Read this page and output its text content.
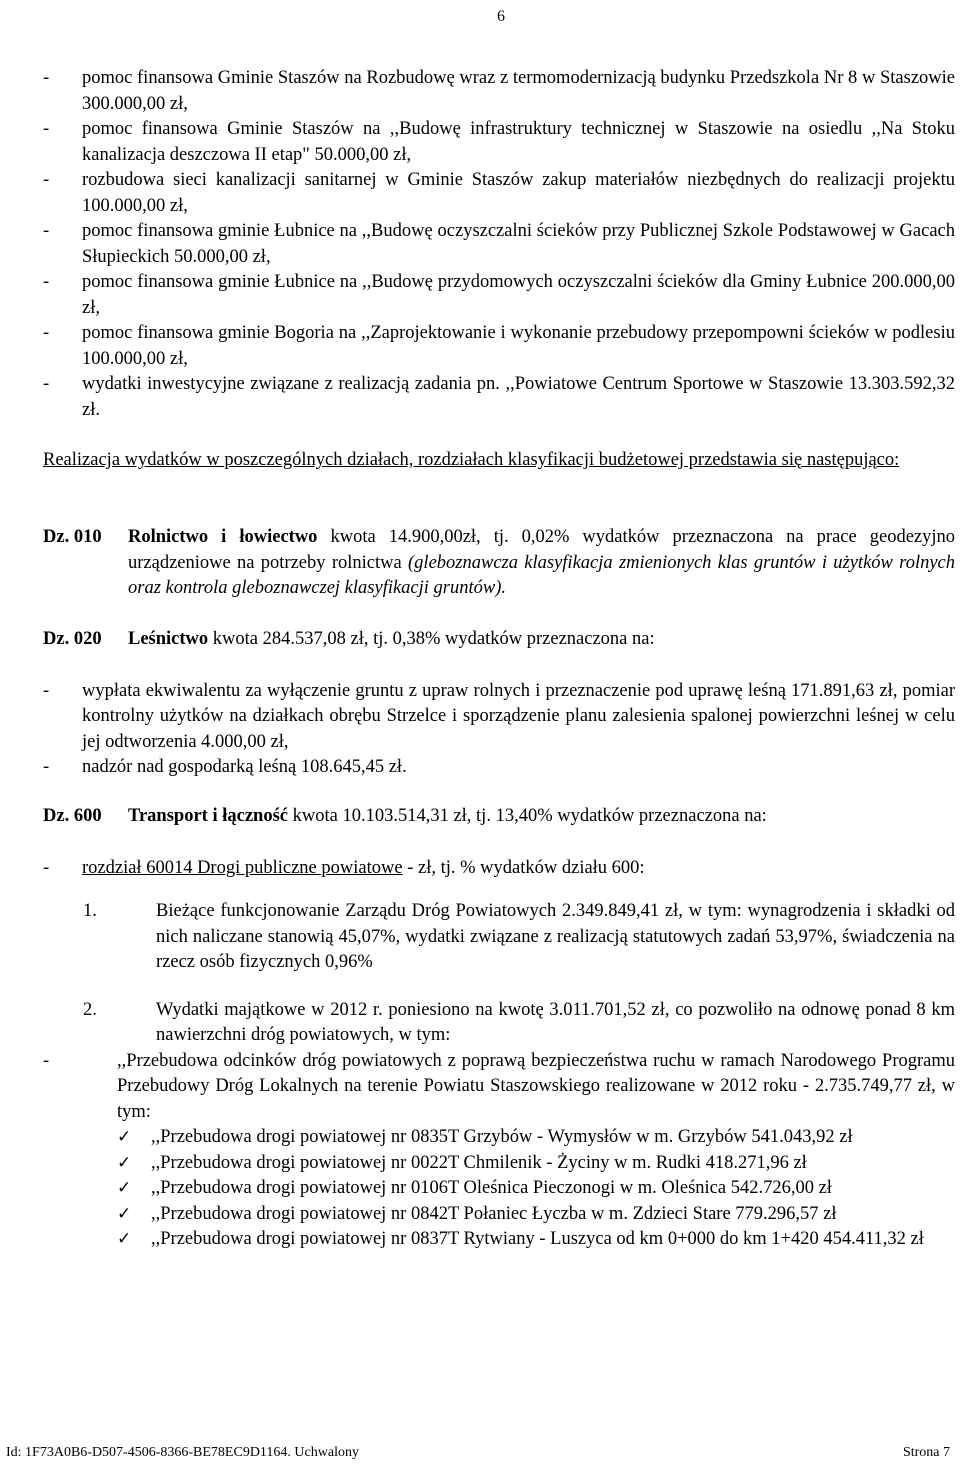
6
- pomoc finansowa Gminie Staszów na Rozbudowę wraz z termomodernizacją budynku Przedszkola Nr 8 w Staszowie 300.000,00 zł,
- pomoc finansowa Gminie Staszów na ,,Budowę infrastruktury technicznej w Staszowie na osiedlu ,,Na Stoku kanalizacja deszczowa II etap" 50.000,00 zł,
- rozbudowa sieci kanalizacji sanitarnej w Gminie Staszów zakup materiałów niezbędnych do realizacji projektu 100.000,00 zł,
- pomoc finansowa gminie Łubnice na ,,Budowę oczyszczalni ścieków przy Publicznej Szkole Podstawowej w Gacach Słupieckich 50.000,00 zł,
- pomoc finansowa gminie Łubnice na ,,Budowę przydomowych oczyszczalni ścieków dla Gminy Łubnice 200.000,00 zł,
- pomoc finansowa gminie Bogoria na ,,Zaprojektowanie i wykonanie przebudowy przepompowni ścieków w podlesiu 100.000,00 zł,
- wydatki inwestycyjne związane z realizacją zadania pn. ,,Powiatowe Centrum Sportowe w Staszowie 13.303.592,32 zł.
Realizacja wydatków w poszczególnych działach, rozdziałach klasyfikacji budżetowej przedstawia się następująco:
Dz. 010 Rolnictwo i łowiectwo kwota 14.900,00zł, tj. 0,02% wydatków przeznaczona na prace geodezyjno urządzeniowe na potrzeby rolnictwa (gleboznawcza klasyfikacja zmienionych klas gruntów i użytków rolnych oraz kontrola gleboznawczej klasyfikacji gruntów).
Dz. 020 Leśnictwo kwota 284.537,08 zł, tj. 0,38% wydatków przeznaczona na:
- wypłata ekwiwalentu za wyłączenie gruntu z upraw rolnych i przeznaczenie pod uprawę leśną 171.891,63 zł, pomiar kontrolny użytków na działkach obrębu Strzelce i sporządzenie planu zalesienia spalonej powierzchni leśnej w celu jej odtworzenia 4.000,00 zł,
- nadzór nad gospodarką leśną 108.645,45 zł.
Dz. 600 Transport i łączność kwota 10.103.514,31 zł, tj. 13,40% wydatków przeznaczona na:
- rozdział 60014 Drogi publiczne powiatowe - zł, tj. % wydatków działu 600:
1.	Bieżące funkcjonowanie Zarządu Dróg Powiatowych 2.349.849,41 zł, w tym: wynagrodzenia i składki od nich naliczane stanowią 45,07%, wydatki związane z realizacją statutowych zadań 53,97%, świadczenia na rzecz osób fizycznych 0,96%
2.	Wydatki majątkowe w 2012 r. poniesiono na kwotę 3.011.701,52 zł, co pozwoliło na odnowę ponad 8 km nawierzchni dróg powiatowych, w tym:
- ,,Przebudowa odcinków dróg powiatowych z poprawą bezpieczeństwa ruchu w ramach Narodowego Programu Przebudowy Dróg Lokalnych na terenie Powiatu Staszowskiego realizowane w 2012 roku - 2.735.749,77 zł, w tym:
✓ ,,Przebudowa drogi powiatowej nr 0835T Grzybów - Wymysłów w m. Grzybów 541.043,92 zł
✓ ,,Przebudowa drogi powiatowej nr 0022T Chmilenik - Życiny w m. Rudki 418.271,96 zł
✓ ,,Przebudowa drogi powiatowej nr 0106T Oleśnica Pieczonogi w m. Oleśnica 542.726,00 zł
✓ ,,Przebudowa drogi powiatowej nr 0842T Połaniec Łyczba w m. Zdzieci Stare 779.296,57 zł
✓ ,,Przebudowa drogi powiatowej nr 0837T Rytwiany - Luszyca od km 0+000 do km 1+420 454.411,32 zł
Id: 1F73A0B6-D507-4506-8366-BE78EC9D1164. Uchwalony	Strona 7
